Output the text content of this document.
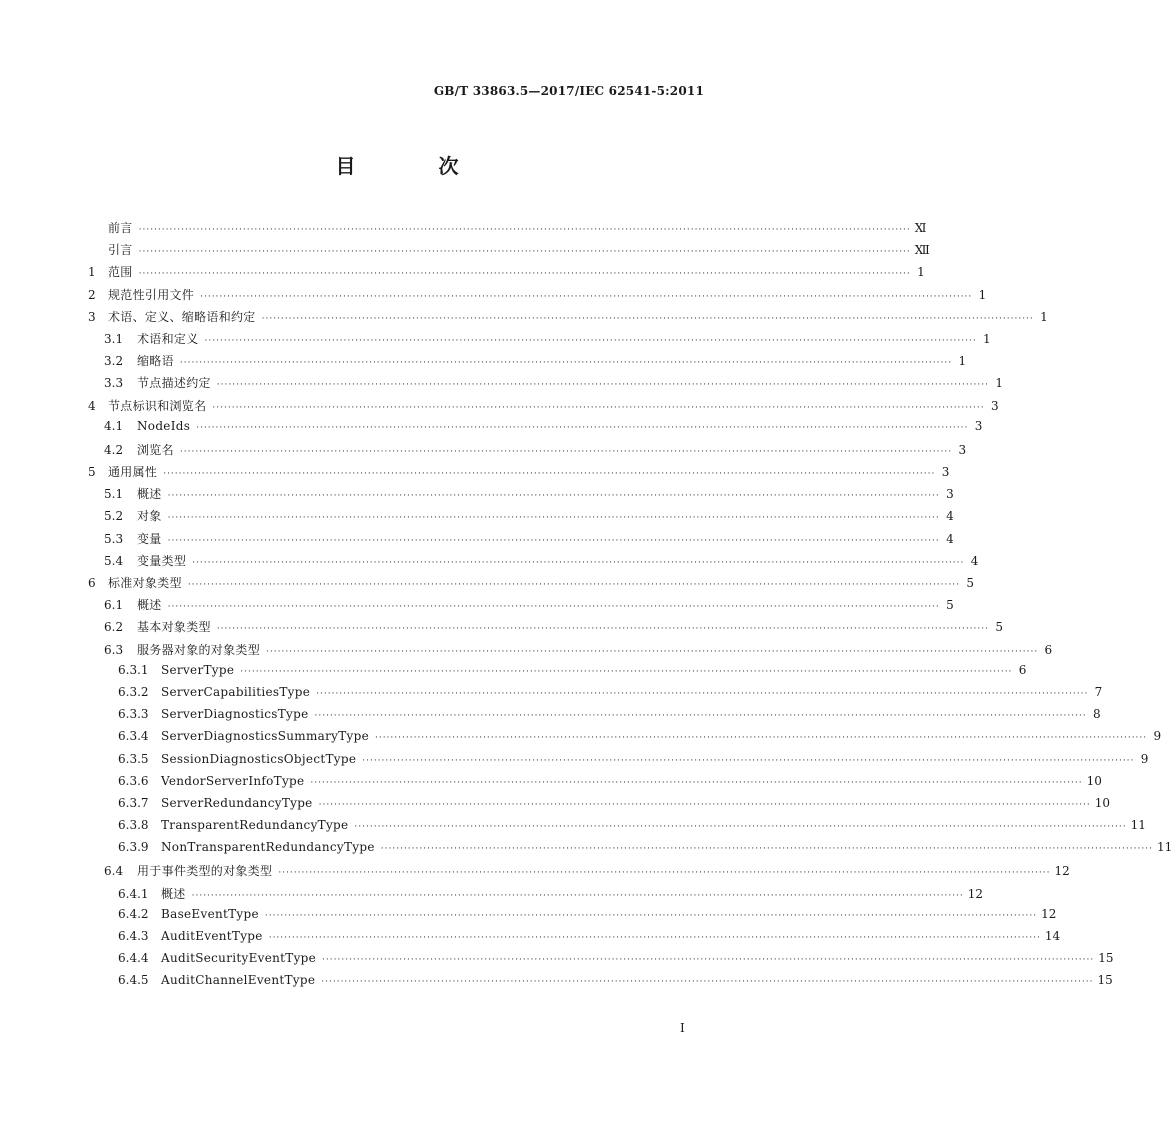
GB/T 33863.5—2017/IEC 62541-5:2011
目 次
前言 ········································································································································································································ Ⅺ
引言 ········································································································································································································ Ⅻ
1	范围 ········································································································································································································ 1
2	规范性引用文件 ········································································································································································································ 1
3	术语、定义、缩略语和约定 ········································································································································································································ 1
3.1	术语和定义 ········································································································································································································ 1
3.2	缩略语 ········································································································································································································ 1
3.3	节点描述约定 ········································································································································································································ 1
4	节点标识和浏览名 ········································································································································································································ 3
4.1	NodeIds ········································································································································································································ 3
4.2	浏览名 ········································································································································································································ 3
5	通用属性 ········································································································································································································ 3
5.1	概述 ········································································································································································································ 3
5.2	对象 ········································································································································································································ 4
5.3	变量 ········································································································································································································ 4
5.4	变量类型 ········································································································································································································ 4
6	标准对象类型 ········································································································································································································ 5
6.1	概述 ········································································································································································································ 5
6.2	基本对象类型 ········································································································································································································ 5
6.3	服务器对象的对象类型 ········································································································································································································ 6
6.3.1	ServerType ········································································································································································································ 6
6.3.2	ServerCapabilitiesType ········································································································································································································ 7
6.3.3	ServerDiagnosticsType ········································································································································································································ 8
6.3.4	ServerDiagnosticsSummaryType ········································································································································································································ 9
6.3.5	SessionDiagnosticsObjectType ········································································································································································································ 9
6.3.6	VendorServerInfoType ········································································································································································································ 10
6.3.7	ServerRedundancyType ········································································································································································································ 10
6.3.8	TransparentRedundancyType ········································································································································································································ 11
6.3.9	NonTransparentRedundancyType ········································································································································································································ 11
6.4	用于事件类型的对象类型 ········································································································································································································ 12
6.4.1	概述 ········································································································································································································ 12
6.4.2	BaseEventType ········································································································································································································ 12
6.4.3	AuditEventType ········································································································································································································ 14
6.4.4	AuditSecurityEventType ········································································································································································································ 15
6.4.5	AuditChannelEventType ········································································································································································································ 15
Ⅰ
